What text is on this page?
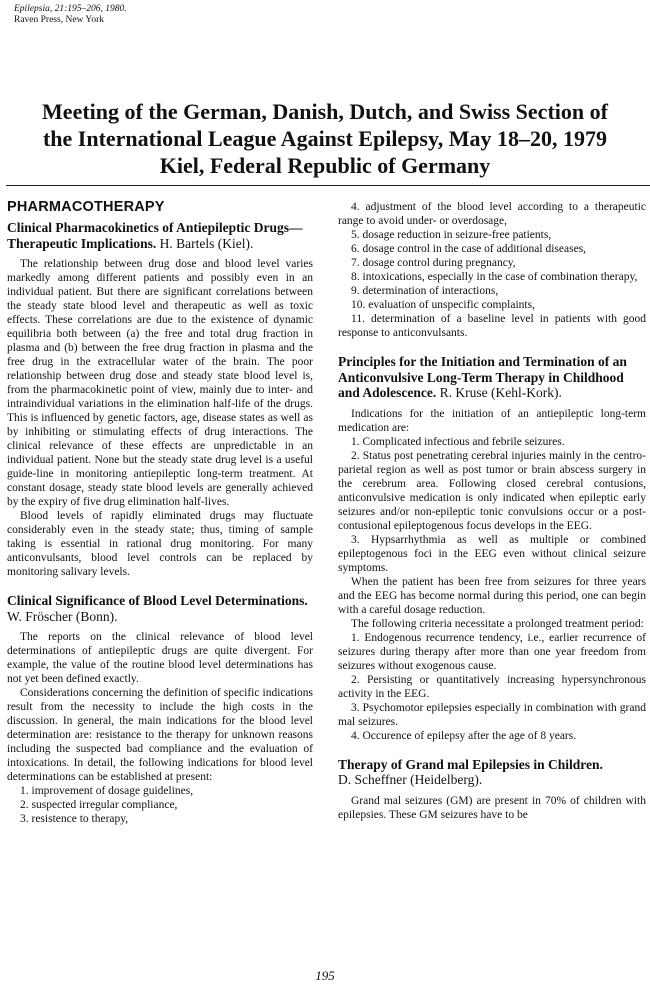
Epilepsia, 21:195–206, 1980.
Raven Press, New York
Meeting of the German, Danish, Dutch, and Swiss Section of
the International League Against Epilepsy, May 18–20, 1979
Kiel, Federal Republic of Germany
PHARMACOTHERAPY
Clinical Pharmacokinetics of Antiepileptic Drugs—Therapeutic Implications. H. Bartels (Kiel).

The relationship between drug dose and blood level varies markedly among different patients and possibly even in an individual patient. But there are significant correlations between the steady state blood level and therapeutic as well as toxic effects. These correlations are due to the existence of dynamic equilibria both between (a) the free and total drug fraction in plasma and (b) between the free drug fraction in plasma and the free drug in the extracellular water of the brain. The poor relationship between drug dose and steady state blood level is, from the pharmacokinetic point of view, mainly due to inter- and intraindividual variations in the elimination half-life of the drugs. This is influenced by genetic factors, age, disease states as well as by inhibiting or stimulating effects of drug interactions. The clinical relevance of these effects are unpredictable in an individual patient. None but the steady state drug level is a useful guide-line in monitoring antiepileptic long-term treatment. At constant dosage, steady state blood levels are generally achieved by the expiry of five drug elimination half-lives.

Blood levels of rapidly eliminated drugs may fluctuate considerably even in the steady state; thus, timing of sample taking is essential in rational drug monitoring. For many anticonvulsants, blood level controls can be replaced by monitoring salivary levels.

Clinical Significance of Blood Level Determinations. W. Fröscher (Bonn).

The reports on the clinical relevance of blood level determinations of antiepileptic drugs are quite divergent. For example, the value of the routine blood level determinations has not yet been defined exactly.

Considerations concerning the definition of specific indications result from the necessity to include the high costs in the discussion. In general, the main indications for the blood level determination are: resistance to the therapy for unknown reasons including the suspected bad compliance and the evaluation of intoxications. In detail, the following indications for blood level determinations can be established at present:

1. improvement of dosage guidelines,
2. suspected irregular compliance,
3. resistence to therapy,
4. adjustment of the blood level according to a therapeutic range to avoid under- or overdosage,
5. dosage reduction in seizure-free patients,
6. dosage control in the case of additional diseases,
7. dosage control during pregnancy,
8. intoxications, especially in the case of combination therapy,
9. determination of interactions,
10. evaluation of unspecific complaints,
11. determination of a baseline level in patients with good response to anticonvulsants.
Principles for the Initiation and Termination of an Anticonvulsive Long-Term Therapy in Childhood and Adolescence. R. Kruse (Kehl-Kork).

Indications for the initiation of an antiepileptic long-term medication are:

1. Complicated infectious and febrile seizures.

2. Status post penetrating cerebral injuries mainly in the centro-parietal region as well as post tumor or brain abscess surgery in the cerebrum area. Following closed cerebral contusions, anticonvulsive medication is only indicated when epileptic early seizures and/or non-epileptic tonic convulsions occur or a post-contusional epileptogenous focus develops in the EEG.

3. Hypsarrhythmia as well as multiple or combined epileptogenous foci in the EEG even without clinical seizure symptoms.

When the patient has been free from seizures for three years and the EEG has become normal during this period, one can begin with a careful dosage reduction.

The following criteria necessitate a prolonged treatment period:

1. Endogenous recurrence tendency, i.e., earlier recurrence of seizures during therapy after more than one year freedom from seizures without exogenous cause.

2. Persisting or quantitatively increasing hypersynchronous activity in the EEG.

3. Psychomotor epilepsies especially in combination with grand mal seizures.

4. Occurence of epilepsy after the age of 8 years.

Therapy of Grand mal Epilepsies in Children.
D. Scheffner (Heidelberg).

Grand mal seizures (GM) are present in 70% of children with epilepsies. These GM seizures have to be

195
